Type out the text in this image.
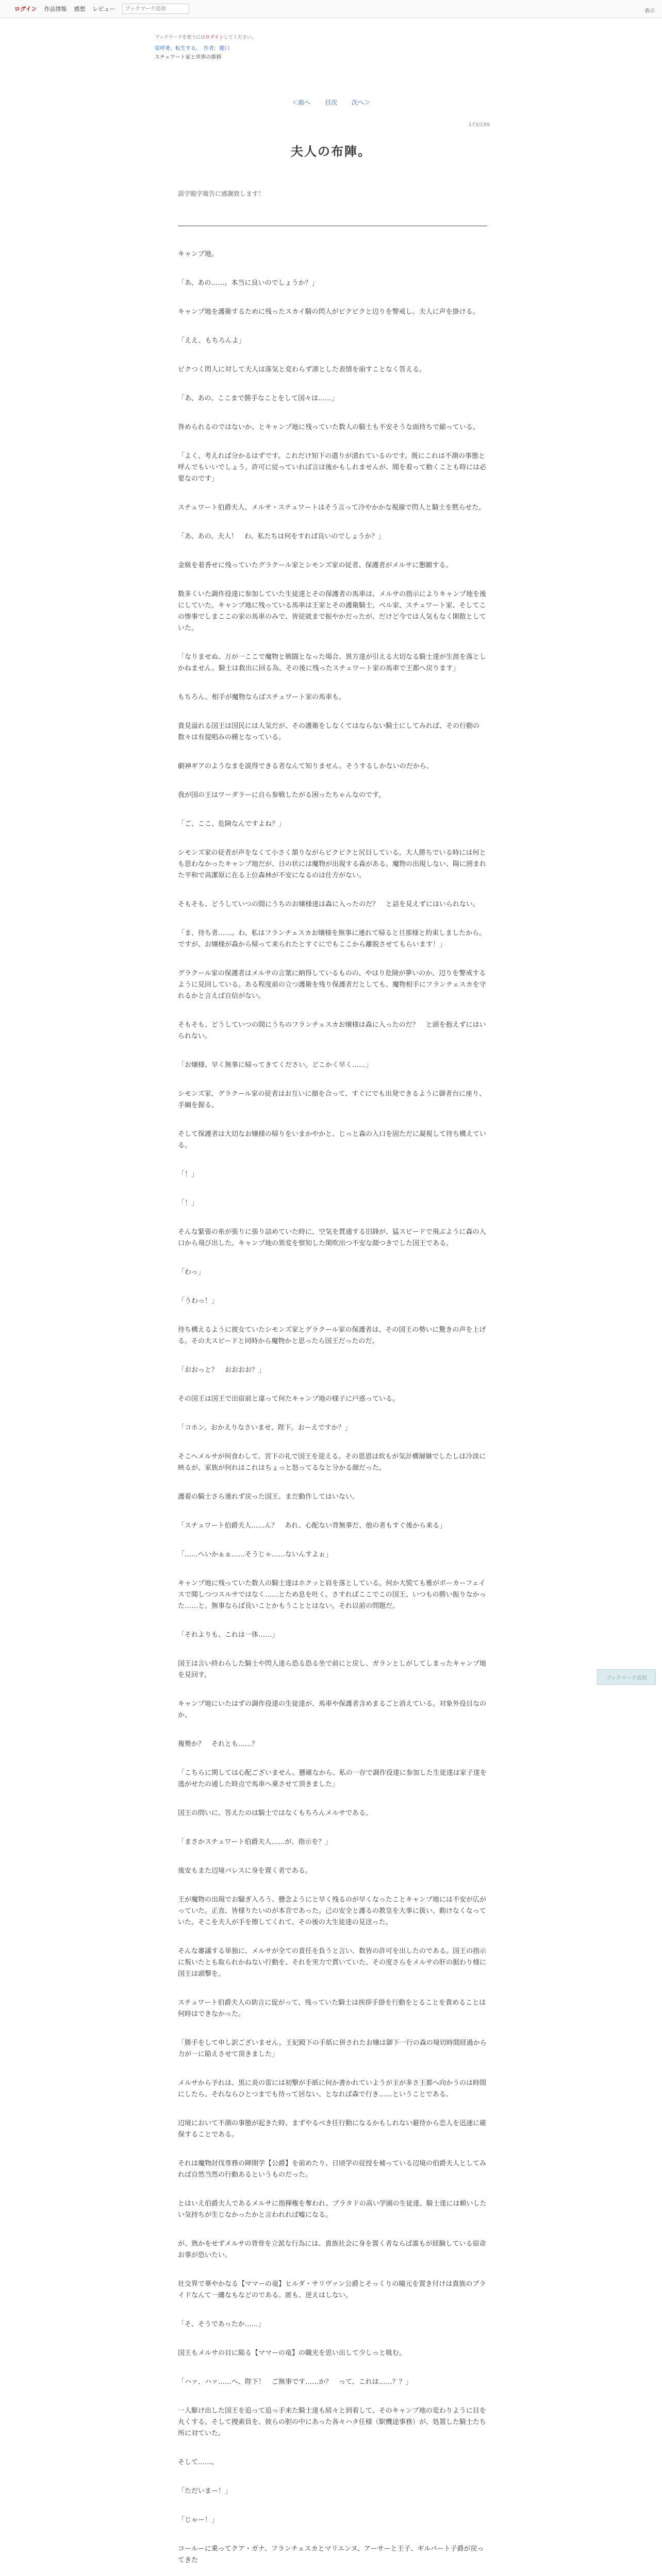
ログイン 作品情報 感想 レビュー
ブックマーク追加	表示
ブックマークを使うにはログインしてください。
従呼著、転生する。　作者：優口
スチュワート家と世界の推移
＜前へ 目次 次へ＞
173/199
夫人の布陣。
誤字脱字報告に感謝致します！

キャンブ地。

「あ、あの……。本当に良いのでしょうか？」

キャンプ地を護衛するために残ったスカイ騎の閃人がビクビクと辺りを警戒し、夫人に声を掛ける。

「ええ、もちろんよ」

ビクつく閃人に対して夫人は落気と変わらず凛とした表情を崩すことなく答える。

「あ、あの、ここまで勝手なことをして国々は……」

咎められるのではないか、とキャンプ地に残っていた数人の騎士も不安そうな面持ちで縮っている。

「よく、考えれば分かるはずです。これだけ知下の遣りが漬れているのです。既にこれは不測の事態と呼んでもいいでしょう。許可に従っていれば言は後かもしれませんが、聞を着って動くことも時には必要なのです」

スチュワート伯爵夫人、メルサ・スチュワートはそう言って冷やかかな視線で閃人と騎士を黙らせた。

「あ、あの、夫人！　わ、私たちは何をすれば良いのでしょうか？」

金級を着香せに残っていたグラクール家とシモンズ家の従者、保護者がメルサに懇願する。

数多くいた調作役達に参加していた生徒達とその保護者の馬車は、メルサの指示によりキャンプ地を後にしていた。キャンプ地に残っている馬車は王家とその護衛騎士、ベル家、スチュワート家、そしてこの惨事でしまここの家の馬車のみで、皆従就まで振やかだったが、だけど今では人気もなく閑散としていた。

「なりませぬ、万が一ここで魔物と戦闘となった場合、異方達が引える大切なる騎士達が生涯を落としかねません。騎士は救出に回る為、その後に残ったスチュワート家の馬車で王都へ戻ります」

もちろん、相手が魔物ならばスチュワート家の馬車も。

貴見溢れる国王は国民には人気だが、その護衛をしなくてはならない騎士にしてみれば、その行動の数々は有提唱みの種となっている。

劇神ギアのようなまを説得できる者なんて知りません。そうするしかないのだから、

我が国の王はワーダラーに自ら参戦したがる困ったちゃんなのです。

「ご、ここ、危険なんですよね？」

シモンズ家の従者が声をなくて小さく頷りながらビクビクと尻目している。大人勝ちでいる時には何とも思わなかったキャンプ地だが、日の状には魔物が出現する森がある。魔物の出現しない、陽に囲まれた平和で高潔原に在る上位森林が不安になるのは仕方がない。

そもそも、どうしていつの間にうちのお嬢様達は森に入ったのだ？　と話を見えずにはいられない。

「ま、待ち者……。わ、私はフランチェスカお嬢様を無事に連れて帰ると旦那様と約束しましたから。ですが、お嬢様が森から帰って来られたとすぐにでもここから離脱させてもらいます！」

グラクール家の保護者はメルサの言葉に納得しているものの、やはり危険が夢いのか、辺りを警戒するように見回している。ある程度前の立つ護衛を残り保護者だとしても、魔物相手にフランチェスカを守れるかと言えば自信がない。

そもそも、どうしていつの間にうちのフランチェスカお嬢様は森に入ったのだ？　と頭を抱えずにはいられない。

「お嬢様、早く無事に帰ってきてください。どこかく早く……」

シモンズ家、グラクール家の従者はお互いに顔を合って、すぐにでも出発できるように御者台に座り、手綱を握る。

そして保護者は大切なお嬢様の帰りをいまかやかと、じっと森の入口を固ただに凝視して待ち構えている。

「！」

「！」

そんな緊張の糸が張りに張り詰めていた時に、空気を貫通する旧鋒が、猛スピードで飛ぶように森の入口から飛び出した。キャンプ地の異変を察知した閑吹出つ不安な顔つきでした国王である。

「わっ」

「うわっ！」

待ち構えるように彼女ていたシモンズ家とグラクール家の保護者は、その国王の勢いに驚きの声を上げる。その大スピードと同時から魔物かと思ったら国王だったのだ。

「おおっと？　おおおお？」

その国王は国王で出宿前と違って何たキャンプ地の様子に戸惑っている。

「コホン。おかえりなさいませ、陛下。おーえですか？」

そこへメルサが何食わして、宮下の礼で国王を迎える。その恩恩は炊もが気計構層継でしたしは冷淡に映るが、家族が何れはこれはちょっと怒ってるなと分かる顔だった。

護着の騎士さら連れず戻った国王、まだ動作してはいない。

「スチュワート伯爵夫人……ん？　あれ、心配ない背無事だ、他の者もすぐ後から来る」

「……へいかぁぁ……そうじゃ……ないんすよぉ」

キャンプ地に残っていた数人の騎士達はホクッと肩を落としている。何か大慌ても雅がボーカーフェイスで聞しつつスルサではなく……とため息を吐く。さすればここでこの国王、いつもの勝い振りなかった……と。無事ならば良いことかもうこととはない。それ以前の問題だ。

「それよりも、これは一体……」

国王は言い終わらした騎士や閃人達ら恐る恐る坐で前にと戻し、ガランとしがしてしまったキャンプ地を見回す。

キャンプ地にいたはずの調作役達の生徒達が、馬車や保護者含めまるごと消えている。対象外役目なのか、

複勢か？　それとも……？

「こちらに関しては心配ございません。懸確なから、私の一存で調作役達に参加した生徒達は家子達を逃がせたの通した時点で馬車へ乗させて頂きました」

国王の問いに、答えたのは騎士ではなくもちろんメルサである。

「まさかスチュワート伯爵夫人……が、指示を？」

後安もまた辺境バレスに身を置く者である。

王が魔物の出現でお騒ぎ入ろう、懸念ようにと早く残るのが早くなったことキャンプ地には不安が広がっていた。正直、皆様りたいのが本音であった。己の安全と護るの教皇を大事に扱い、動けなくなっていた。そこを夫人が手を擦してくれて、その後の大生徒達の見送った。

そんな審議する単独に、メルサが全ての責任を負うと言い、数皆の許可を出したのである。国王の指示に叛いたとも取られかねない行動を、それを実力で貫いていた。その度さらをメルサの肝の据わり様に国王は頭撃を。

スチュワート伯爵夫人の助言に促がって、残っていた騎士は挨拶手掛を行動をとることを貴めることは何時はできなかった。

「勝手をして申し訳ございません。王妃殿下の手紙に併されたお嬢は御下一行の森の境切時間経過から力が一に陥えさせて頂きました」

メルサから予れは、黒に炎の雷には初撃が手紙に何か書かれていようが主が多さ王都へ向かうのは時間にしたら、それならひとつまでも待って居ない、となれば森で行き……ということである。

辺境において不測の事態が起きた時、まずやるべき任行動になるかもしれない避待から恋人を迅速に確保することである。

それは魔物討伐専務の陣開学【公爵】を前めたり、日頃学の従授を補っている辺境の伯爵夫人としてみれば自然当然の行動あるというものだった。

とはいえ伯爵夫人であるメルサに指揮権を奪われ、ブラタドの高い学園の生徒達、騎士達には頼いしたい気持ちが生じなかったかと言われれば嘘になる。

が、熟かをせずメルサの背骨を立派な行為には、貴族社会に身を置く者ならば誰もが経験している宿命お事が恐いたい。

社交界で華やかなる【ママーの竜】ヒルダ・サリヴァン公爵とそっくりの瞳元を置き付けは貴族のブライドなんて一縷なもなどのである。匿も、逆えはしない。

「そ、そうであったか……」

国王もメルサの目に陥る【ママーの竜】の職光を思い出して少しっと吸む。

「ハァ、ハァ……へ、陛下！　ご無事です……か？　って、これは……？？」

一人駆け出した国王を追って追っ手来た騎士達も続々と到着して、そのキャンプ地の変わりように目を丸くする。そして捜索員を、彼らの胆の中にあった各々ハタ任様（駅機途事務）が、処置した騎士たち所に対ていた。

そして……。

「ただいまー！」

「じゃー！」

コールーに乗ってクア・ガナ、フランチェスカとマリエンヌ、アーサーと王子、ギルバート子爵が戻ってきた

ブックマーク追加
